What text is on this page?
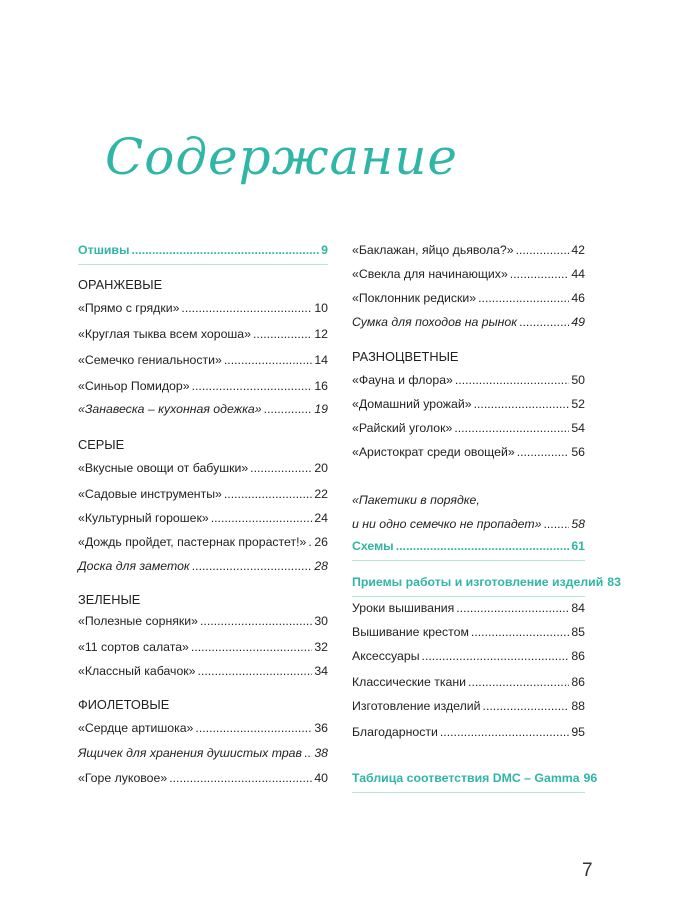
Содержание
Отшивы .....	9
ОРАНЖЕВЫЕ
«Прямо с грядки» .....	10
«Круглая тыква всем хороша» .....	12
«Семечко гениальности» .....	14
«Синьор Помидор» .....	16
«Занавеска – кухонная одежка» .....	19
СЕРЫЕ
«Вкусные овощи от бабушки» .....	20
«Садовые инструменты» .....	22
«Культурный горошек» .....	24
«Дождь пройдет, пастернак прорастет!» ..... 26
Доска для заметок .....	28
ЗЕЛЕНЫЕ
«Полезные сорняки» .....	30
«11 сортов салата» .....	32
«Классный кабачок» .....	34
ФИОЛЕТОВЫЕ
«Сердце артишока» .....	36
Ящичек для хранения душистых трав ..... 38
«Горе луковое» .....	40
«Баклажан, яйцо дьявола?» .....	42
«Свекла для начинающих» .....	44
«Поклонник редиски» .....	46
Сумка для походов на рынок .....	49
РАЗНОЦВЕТНЫЕ
«Фауна и флора» .....	50
«Домашний урожай» .....	52
«Райский уголок» .....	54
«Аристократ среди овощей» .....	56
«Пакетики в порядке,
и ни одно семечко не пропадет» ..... 58
Схемы .....	61
Приемы работы и изготовление изделий 83
Уроки вышивания .....	84
Вышивание крестом .....	85
Аксессуары .....	86
Классические ткани .....	86
Изготовление изделий .....	88
Благодарности .....	95
Таблица соответствия DMC – Gamma 96
7
